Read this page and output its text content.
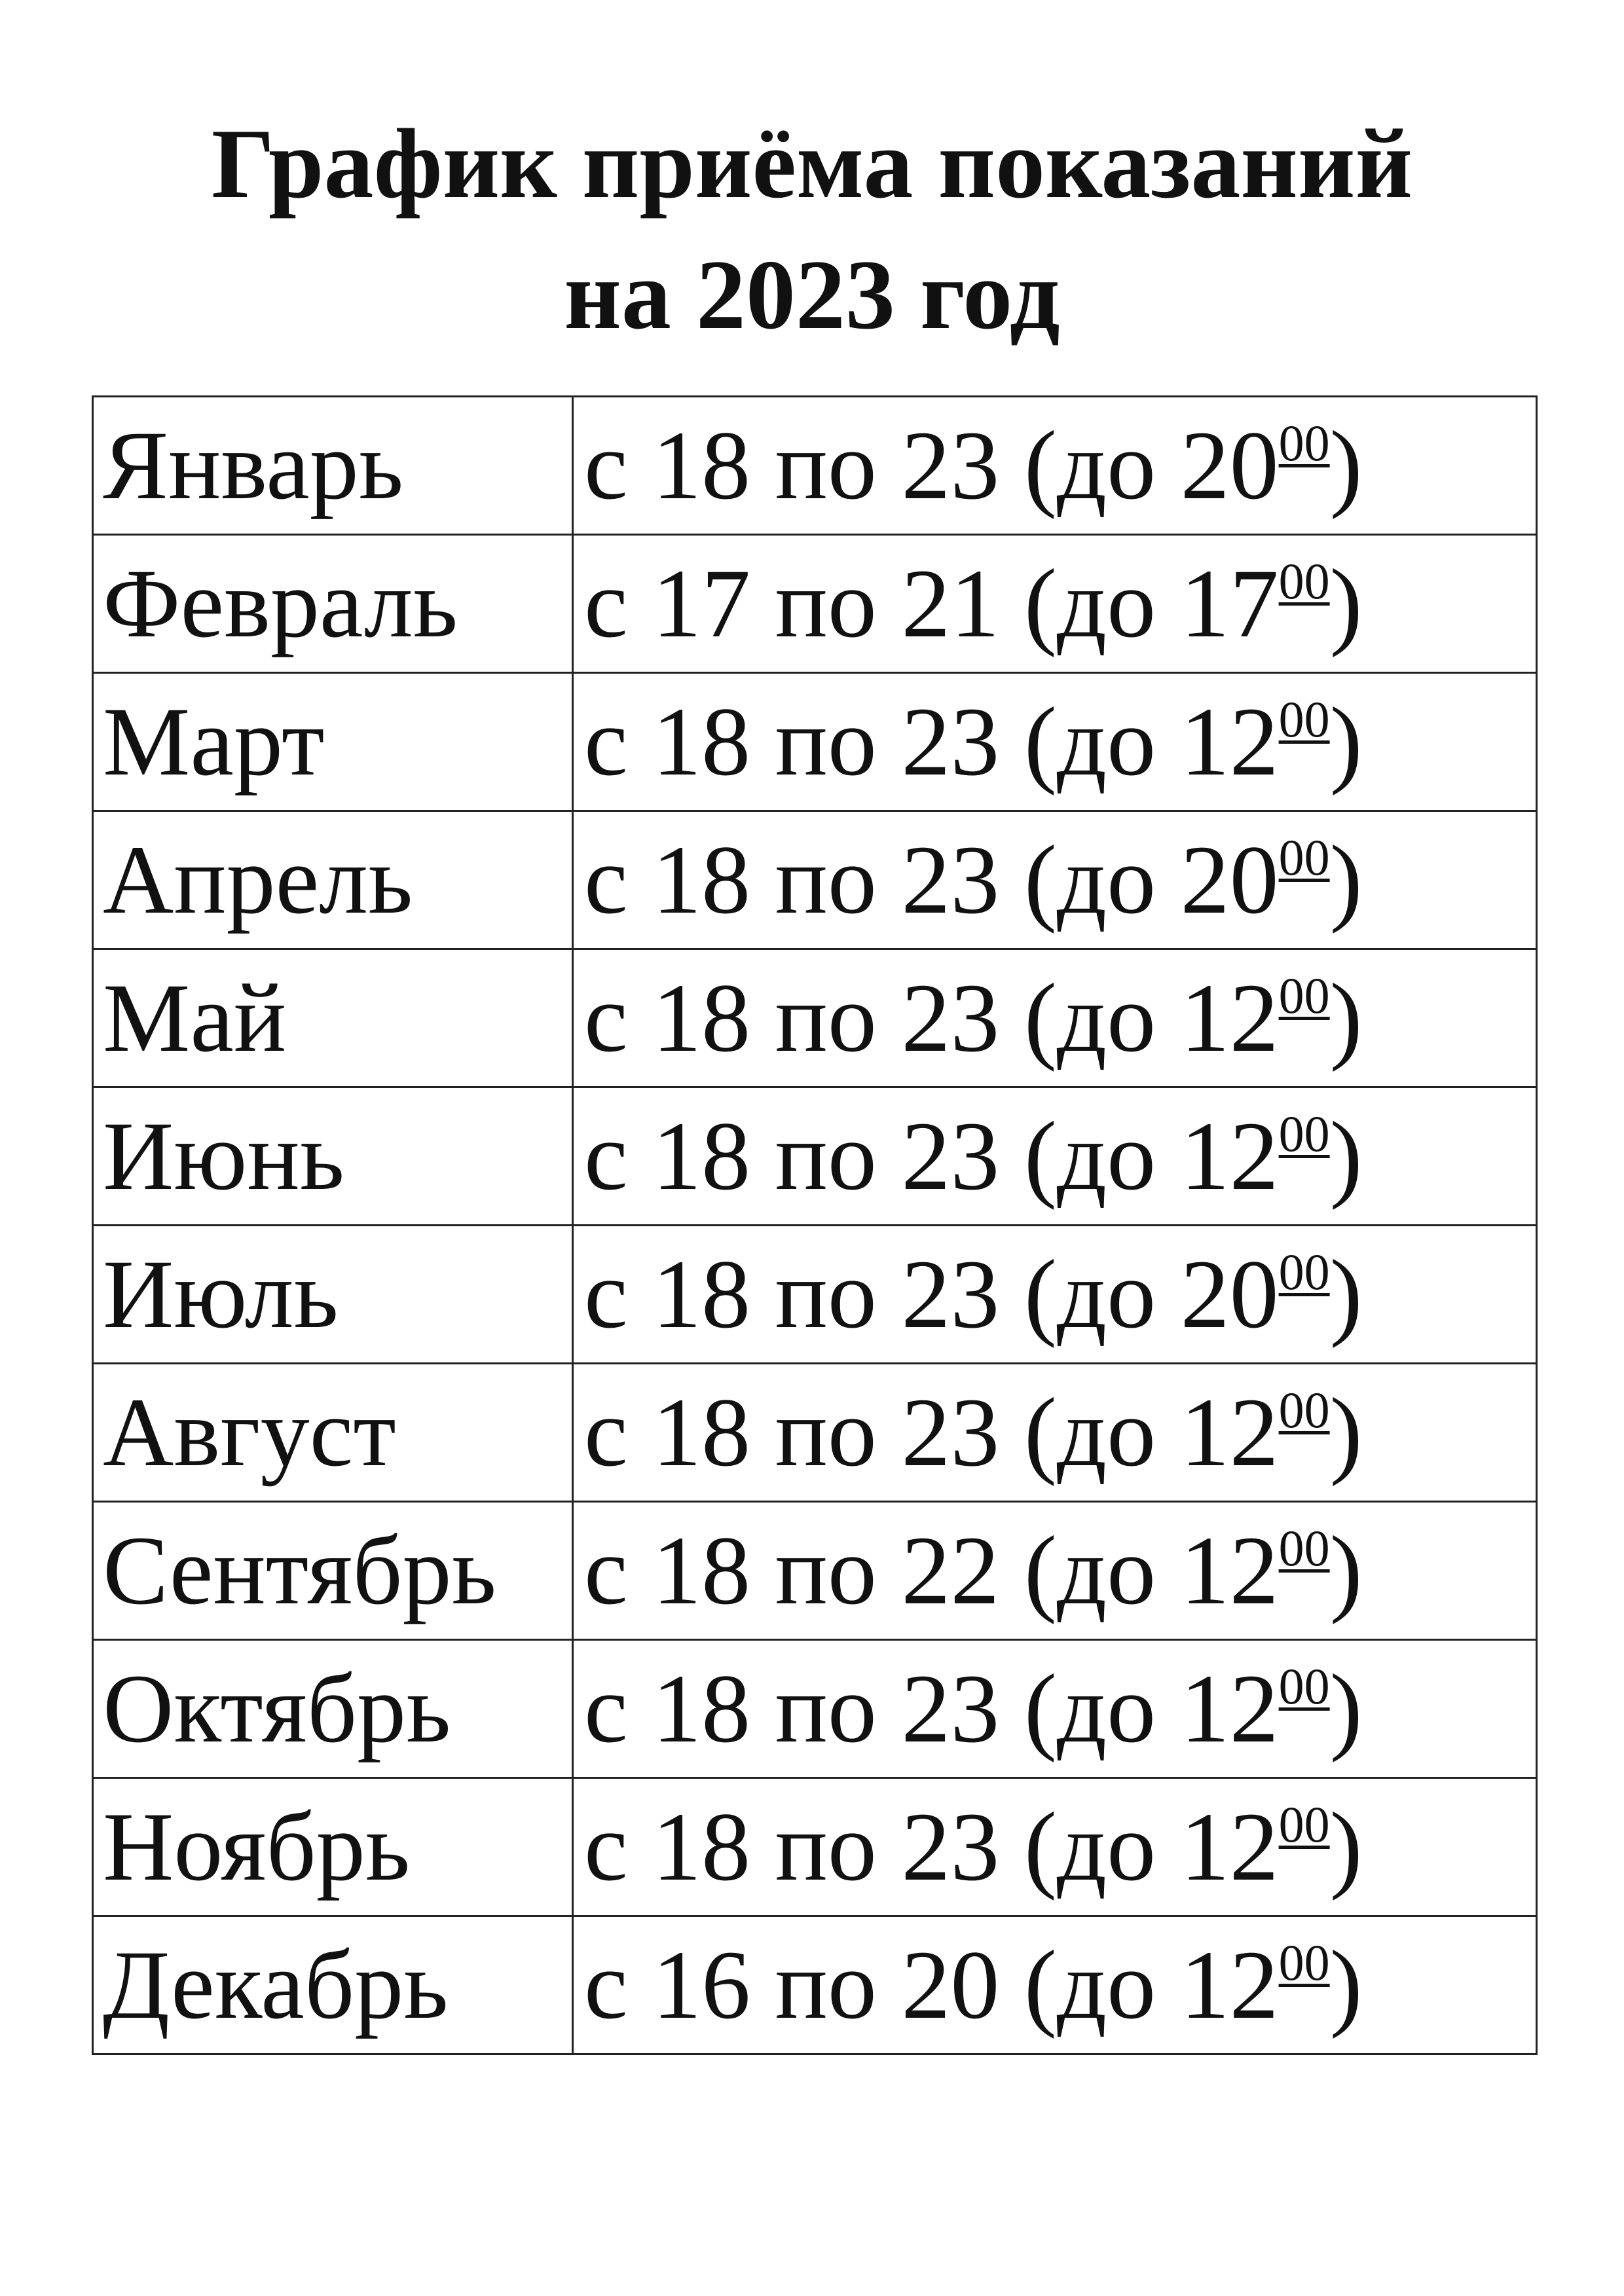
График приёма показаний
на 2023 год
Январь	с 18 по 23 (до $20^{00}$)
Февраль	с 17 по 21 (до $17^{00}$)
Март	с 18 по 23 (до $12^{00}$)
Апрель	с 18 по 23 (до $20^{00}$)
Май	с 18 по 23 (до $12^{00}$)
Июнь	с 18 по 23 (до $12^{00}$)
Июль	с 18 по 23 (до $20^{00}$)
Август	с 18 по 23 (до $12^{00}$)
Сентябрь	с 18 по 22 (до $12^{00}$)
Октябрь	с 18 по 23 (до $12^{00}$)
Ноябрь	с 18 по 23 (до $12^{00}$)
Декабрь	с 16 по 20 (до $12^{00}$)
